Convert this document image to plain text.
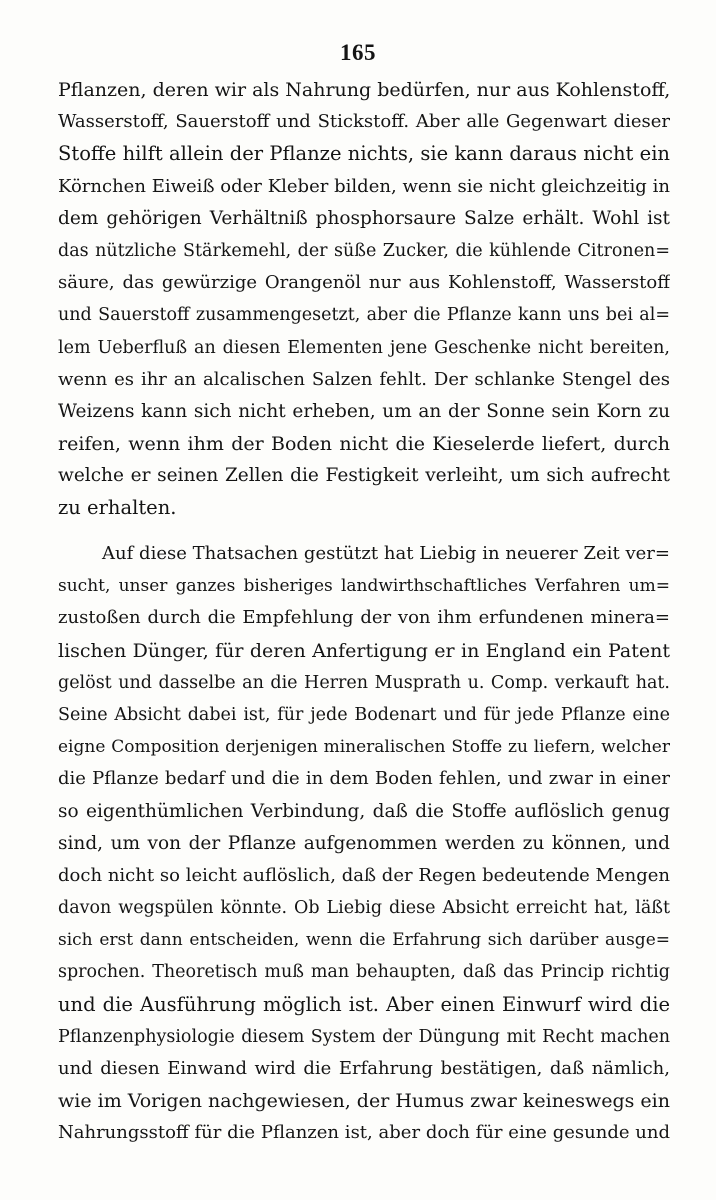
165
Pflanzen, deren wir als Nahrung bedürfen, nur aus Kohlenstoff,
Wasserstoff, Sauerstoff und Stickstoff. Aber alle Gegenwart dieser
Stoffe hilft allein der Pflanze nichts, sie kann daraus nicht ein
Körnchen Eiweiß oder Kleber bilden, wenn sie nicht gleichzeitig in
dem gehörigen Verhältniß phosphorsaure Salze erhält. Wohl ist
das nützliche Stärkemehl, der süße Zucker, die kühlende Citronen=
säure, das gewürzige Orangenöl nur aus Kohlenstoff, Wasserstoff
und Sauerstoff zusammengesetzt, aber die Pflanze kann uns bei al=
lem Ueberfluß an diesen Elementen jene Geschenke nicht bereiten,
wenn es ihr an alcalischen Salzen fehlt. Der schlanke Stengel des
Weizens kann sich nicht erheben, um an der Sonne sein Korn zu
reifen, wenn ihm der Boden nicht die Kieselerde liefert, durch
welche er seinen Zellen die Festigkeit verleiht, um sich aufrecht
zu erhalten.
Auf diese Thatsachen gestützt hat Liebig in neuerer Zeit ver=
sucht, unser ganzes bisheriges landwirthschaftliches Verfahren um=
zustoßen durch die Empfehlung der von ihm erfundenen minera=
lischen Dünger, für deren Anfertigung er in England ein Patent
gelöst und dasselbe an die Herren Musprath u. Comp. verkauft hat.
Seine Absicht dabei ist, für jede Bodenart und für jede Pflanze eine
eigne Composition derjenigen mineralischen Stoffe zu liefern, welcher
die Pflanze bedarf und die in dem Boden fehlen, und zwar in einer
so eigenthümlichen Verbindung, daß die Stoffe auflöslich genug
sind, um von der Pflanze aufgenommen werden zu können, und
doch nicht so leicht auflöslich, daß der Regen bedeutende Mengen
davon wegspülen könnte. Ob Liebig diese Absicht erreicht hat, läßt
sich erst dann entscheiden, wenn die Erfahrung sich darüber ausge=
sprochen. Theoretisch muß man behaupten, daß das Princip richtig
und die Ausführung möglich ist. Aber einen Einwurf wird die
Pflanzenphysiologie diesem System der Düngung mit Recht machen
und diesen Einwand wird die Erfahrung bestätigen, daß nämlich,
wie im Vorigen nachgewiesen, der Humus zwar keineswegs ein
Nahrungsstoff für die Pflanzen ist, aber doch für eine gesunde und
